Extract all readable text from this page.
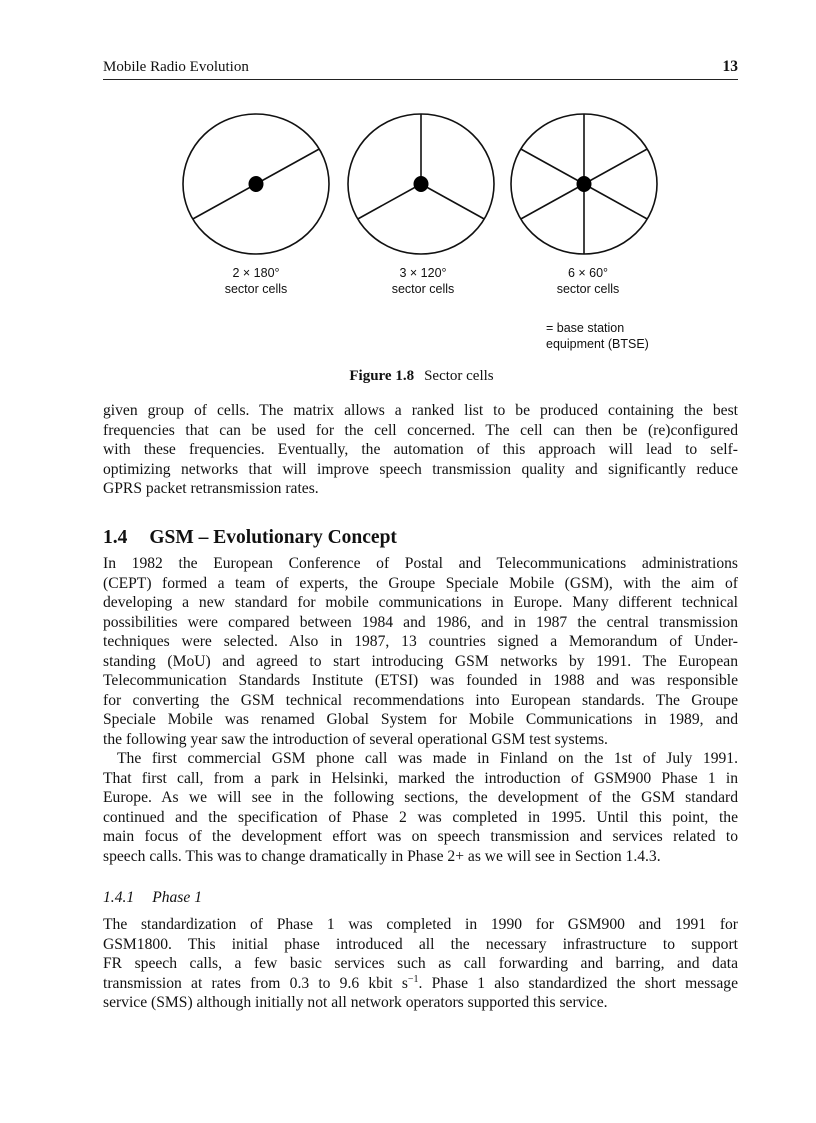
Mobile Radio Evolution	13
2 × 180°
sector cells
3 × 120°
sector cells
6 × 60°
sector cells
= base station
equipment (BTSE)
Figure 1.8 Sector cells
given group of cells. The matrix allows a ranked list to be produced containing the best
frequencies that can be used for the cell concerned. The cell can then be (re)configured
with these frequencies. Eventually, the automation of this approach will lead to self-
optimizing networks that will improve speech transmission quality and significantly reduce
GPRS packet retransmission rates.
1.4 GSM – Evolutionary Concept
In 1982 the European Conference of Postal and Telecommunications administrations
(CEPT) formed a team of experts, the Groupe Speciale Mobile (GSM), with the aim of
developing a new standard for mobile communications in Europe. Many different technical
possibilities were compared between 1984 and 1986, and in 1987 the central transmission
techniques were selected. Also in 1987, 13 countries signed a Memorandum of Under-
standing (MoU) and agreed to start introducing GSM networks by 1991. The European
Telecommunication Standards Institute (ETSI) was founded in 1988 and was responsible
for converting the GSM technical recommendations into European standards. The Groupe
Speciale Mobile was renamed Global System for Mobile Communications in 1989, and
the following year saw the introduction of several operational GSM test systems.
The first commercial GSM phone call was made in Finland on the 1st of July 1991.
That first call, from a park in Helsinki, marked the introduction of GSM900 Phase 1 in
Europe. As we will see in the following sections, the development of the GSM standard
continued and the specification of Phase 2 was completed in 1995. Until this point, the
main focus of the development effort was on speech transmission and services related to
speech calls. This was to change dramatically in Phase 2+ as we will see in Section 1.4.3.
1.4.1 Phase 1
The standardization of Phase 1 was completed in 1990 for GSM900 and 1991 for
GSM1800. This initial phase introduced all the necessary infrastructure to support
FR speech calls, a few basic services such as call forwarding and barring, and data
transmission at rates from 0.3 to 9.6 kbit $s^{-1}$. Phase 1 also standardized the short message
service (SMS) although initially not all network operators supported this service.
